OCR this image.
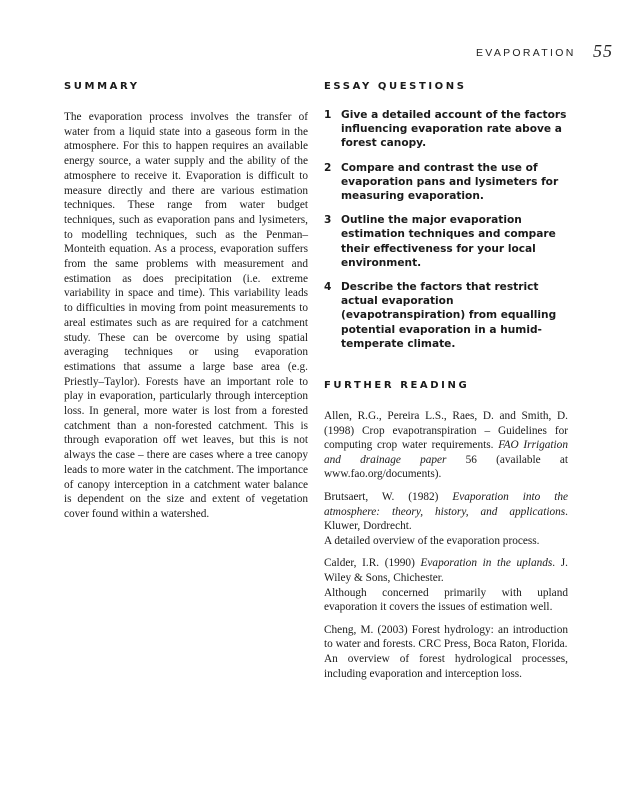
EVAPORATION 55
SUMMARY

The evaporation process involves the transfer of water from a liquid state into a gaseous form in the atmosphere. For this to happen requires an available energy source, a water supply and the ability of the atmosphere to receive it. Evaporation is difficult to measure directly and there are various estimation techniques. These range from water budget techniques, such as evaporation pans and lysimeters, to modelling techniques, such as the Penman–Monteith equation. As a process, evaporation suffers from the same problems with measurement and estimation as does precipitation (i.e. extreme variability in space and time). This variability leads to difficulties in moving from point measurements to areal estimates such as are required for a catchment study. These can be overcome by using spatial averaging techniques or using evaporation estimations that assume a large base area (e.g. Priestly–Taylor). Forests have an important role to play in evaporation, particularly through interception loss. In general, more water is lost from a forested catchment than a non-forested catchment. This is through evaporation off wet leaves, but this is not always the case – there are cases where a tree canopy leads to more water in the catchment. The importance of canopy interception in a catchment water balance is dependent on the size and extent of vegetation cover found within a watershed.

ESSAY QUESTIONS
1 Give a detailed account of the factors influencing evaporation rate above a forest canopy.
2 Compare and contrast the use of evaporation pans and lysimeters for measuring evaporation.
3 Outline the major evaporation estimation techniques and compare their effectiveness for your local environment.
4 Describe the factors that restrict actual evaporation (evapotranspiration) from equalling potential evaporation in a humid-temperate climate.
FURTHER READING

Allen, R.G., Pereira L.S., Raes, D. and Smith, D. (1998) Crop evapotranspiration – Guidelines for computing crop water requirements. FAO Irrigation and drainage paper 56 (available at www.fao.org/documents).

Brutsaert, W. (1982) Evaporation into the atmosphere: theory, history, and applications. Kluwer, Dordrecht.
A detailed overview of the evaporation process.

Calder, I.R. (1990) Evaporation in the uplands. J. Wiley & Sons, Chichester.
Although concerned primarily with upland evaporation it covers the issues of estimation well.

Cheng, M. (2003) Forest hydrology: an introduction to water and forests. CRC Press, Boca Raton, Florida.
An overview of forest hydrological processes, including evaporation and interception loss.
